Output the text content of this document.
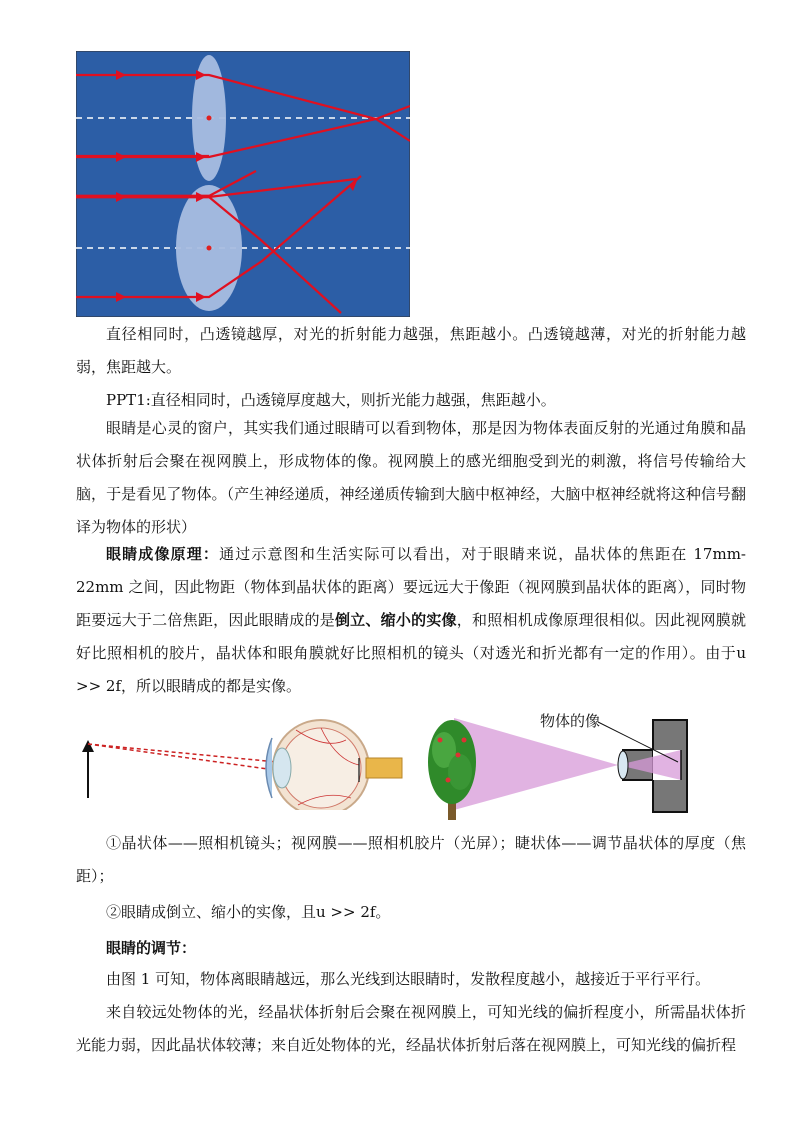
直径相同时，凸透镜越厚，对光的折射能力越强，焦距越小。凸透镜越薄，对光的折射能力越弱，焦距越大。

PPT1:直径相同时，凸透镜厚度越大，则折光能力越强，焦距越小。

眼睛是心灵的窗户，其实我们通过眼睛可以看到物体，那是因为物体表面反射的光通过角膜和晶状体折射后会聚在视网膜上，形成物体的像。视网膜上的感光细胞受到光的刺激，将信号传输给大脑，于是看见了物体。（产生神经递质，神经递质传输到大脑中枢神经，大脑中枢神经就将这种信号翻译为物体的形状）

眼睛成像原理：通过示意图和生活实际可以看出，对于眼睛来说，晶状体的焦距在 17mm-22mm 之间，因此物距（物体到晶状体的距离）要远远大于像距（视网膜到晶状体的距离），同时物距要远大于二倍焦距，因此眼睛成的是倒立、缩小的实像，和照相机成像原理很相似。因此视网膜就好比照相机的胶片，晶状体和眼角膜就好比照相机的镜头（对透光和折光都有一定的作用）。由于u >> 2f，所以眼睛成的都是实像。

物体的像

①晶状体——照相机镜头；视网膜——照相机胶片（光屏）；睫状体——调节晶状体的厚度（焦距）；

②眼睛成倒立、缩小的实像，且u >> 2f。

眼睛的调节：

由图 1 可知，物体离眼睛越远，那么光线到达眼睛时，发散程度越小，越接近于平行平行。

来自较远处物体的光，经晶状体折射后会聚在视网膜上，可知光线的偏折程度小，所需晶状体折光能力弱，因此晶状体较薄；来自近处物体的光，经晶状体折射后落在视网膜上，可知光线的偏折程
